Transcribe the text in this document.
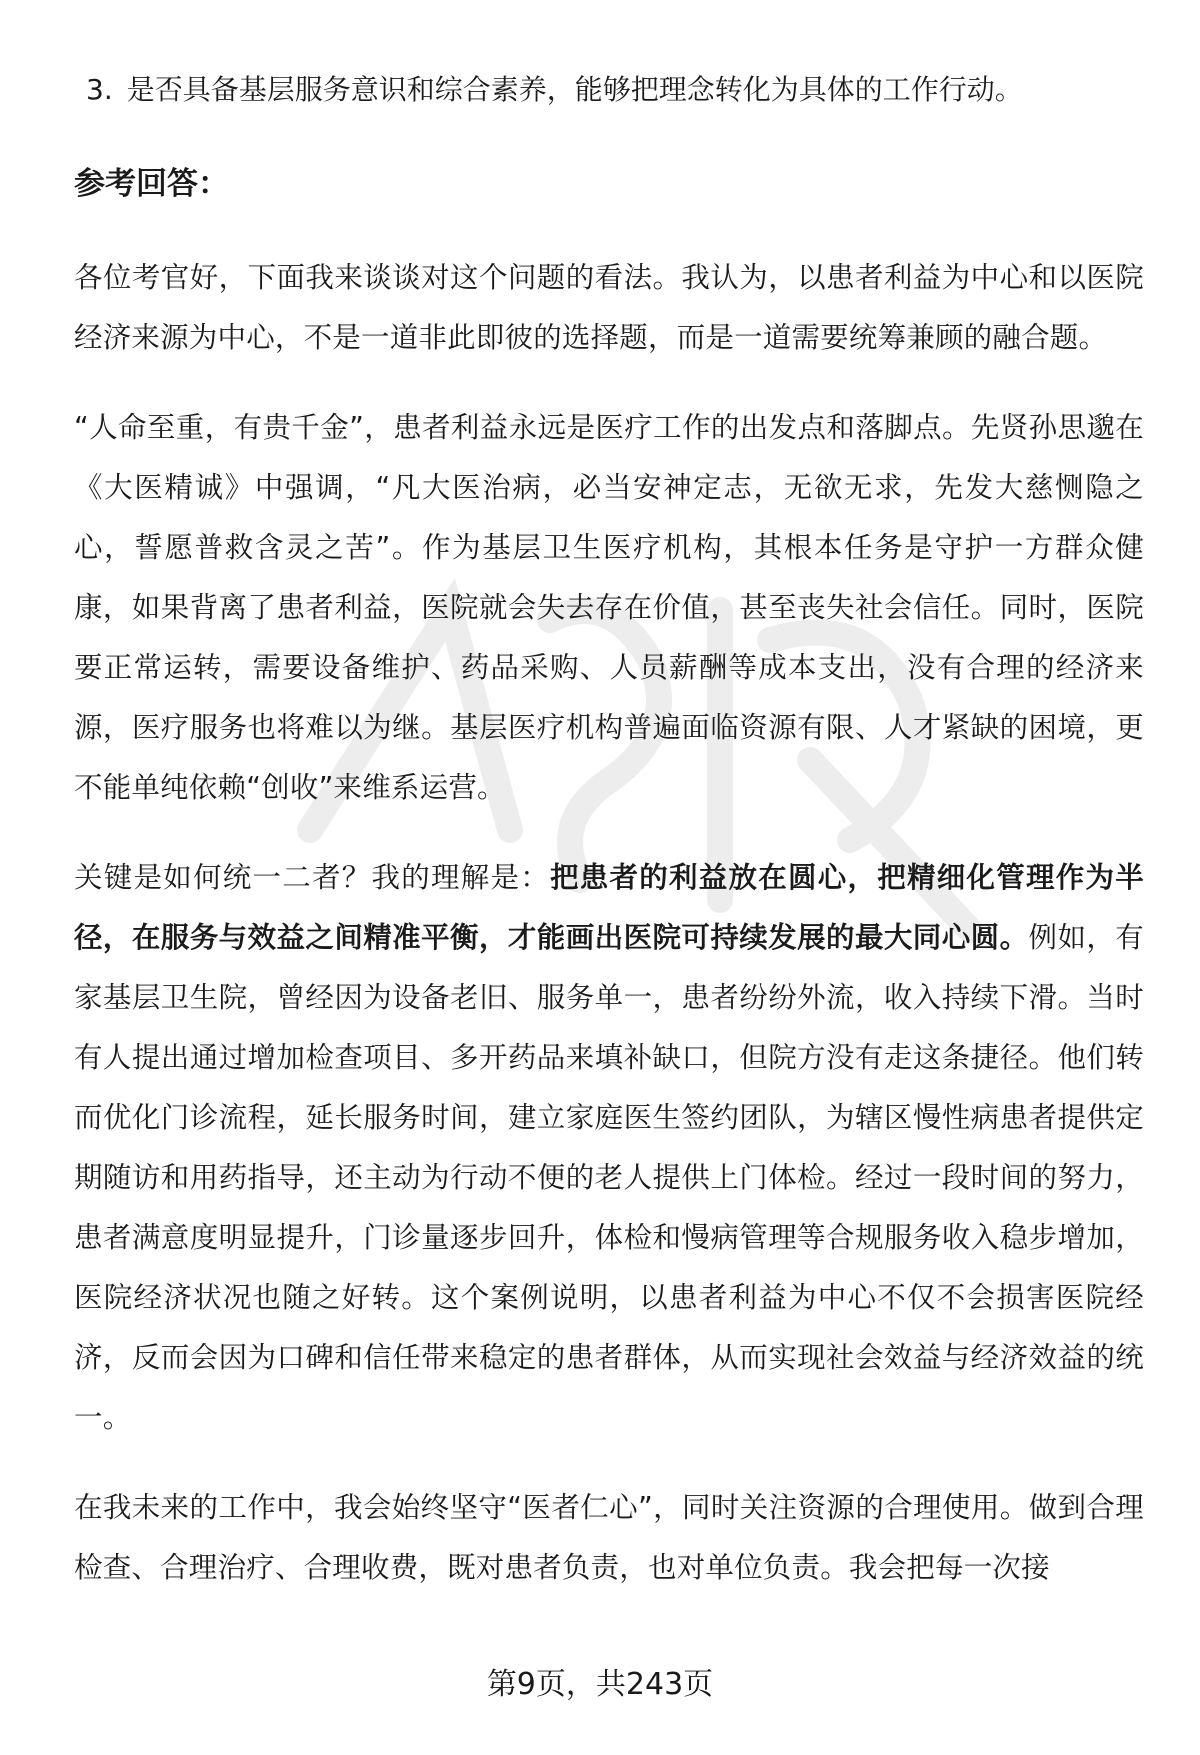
3. 是否具备基层服务意识和综合素养，能够把理念转化为具体的工作行动。

参考回答：

各位考官好，下面我来谈谈对这个问题的看法。我认为，以患者利益为中心和以医院经济来源为中心，不是一道非此即彼的选择题，而是一道需要统筹兼顾的融合题。

“人命至重，有贵千金”，患者利益永远是医疗工作的出发点和落脚点。先贤孙思邈在《大医精诚》中强调，“凡大医治病，必当安神定志，无欲无求，先发大慈恻隐之心，誓愿普救含灵之苦”。作为基层卫生医疗机构，其根本任务是守护一方群众健康，如果背离了患者利益，医院就会失去存在价值，甚至丧失社会信任。同时，医院要正常运转，需要设备维护、药品采购、人员薪酬等成本支出，没有合理的经济来源，医疗服务也将难以为继。基层医疗机构普遍面临资源有限、人才紧缺的困境，更不能单纯依赖“创收”来维系运营。

关键是如何统一二者？我的理解是：把患者的利益放在圆心，把精细化管理作为半径，在服务与效益之间精准平衡，才能画出医院可持续发展的最大同心圆。例如，有家基层卫生院，曾经因为设备老旧、服务单一，患者纷纷外流，收入持续下滑。当时有人提出通过增加检查项目、多开药品来填补缺口，但院方没有走这条捷径。他们转而优化门诊流程，延长服务时间，建立家庭医生签约团队，为辖区慢性病患者提供定期随访和用药指导，还主动为行动不便的老人提供上门体检。经过一段时间的努力，患者满意度明显提升，门诊量逐步回升，体检和慢病管理等合规服务收入稳步增加，医院经济状况也随之好转。这个案例说明，以患者利益为中心不仅不会损害医院经济，反而会因为口碑和信任带来稳定的患者群体，从而实现社会效益与经济效益的统一。

在我未来的工作中，我会始终坚守“医者仁心”，同时关注资源的合理使用。做到合理检查、合理治疗、合理收费，既对患者负责，也对单位负责。我会把每一次接

第9页，共243页
